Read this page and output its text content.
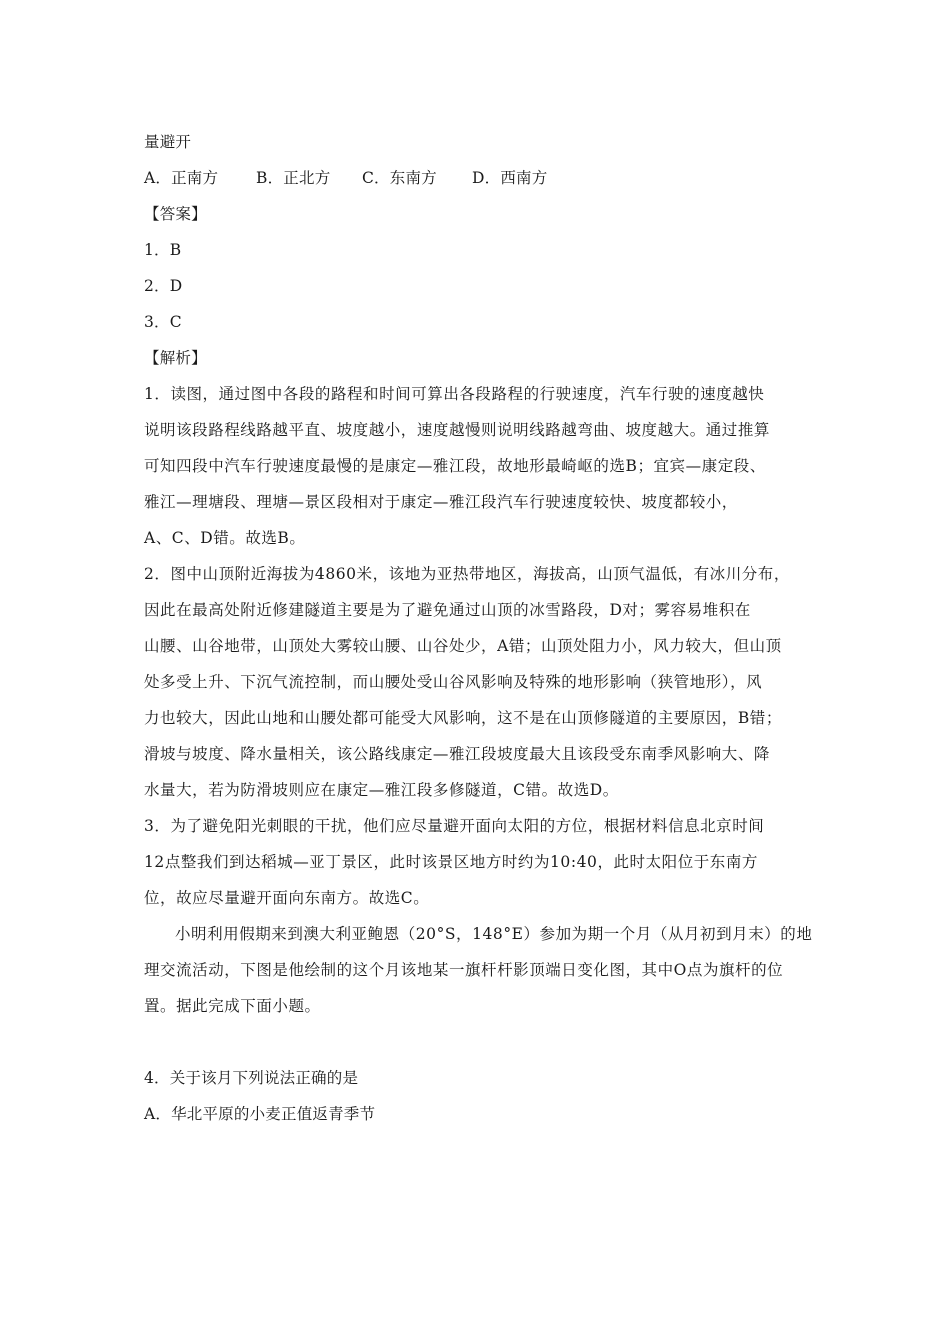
量避开
A．正南方 B．正北方 C．东南方 D．西南方
【答案】
1．B
2．D
3．C
【解析】
1．读图，通过图中各段的路程和时间可算出各段路程的行驶速度，汽车行驶的速度越快
说明该段路程线路越平直、坡度越小，速度越慢则说明线路越弯曲、坡度越大。通过推算
可知四段中汽车行驶速度最慢的是康定—雅江段，故地形最崎岖的选B；宜宾—康定段、
雅江—理塘段、理塘—景区段相对于康定—雅江段汽车行驶速度较快、坡度都较小，
A、C、D错。故选B。
2．图中山顶附近海拔为4860米，该地为亚热带地区，海拔高，山顶气温低，有冰川分布，
因此在最高处附近修建隧道主要是为了避免通过山顶的冰雪路段，D对；雾容易堆积在
山腰、山谷地带，山顶处大雾较山腰、山谷处少，A错；山顶处阻力小，风力较大，但山顶
处多受上升、下沉气流控制，而山腰处受山谷风影响及特殊的地形影响（狭管地形），风
力也较大，因此山地和山腰处都可能受大风影响，这不是在山顶修隧道的主要原因，B错；
滑坡与坡度、降水量相关，该公路线康定—雅江段坡度最大且该段受东南季风影响大、降
水量大，若为防滑坡则应在康定—雅江段多修隧道，C错。故选D。
3．为了避免阳光刺眼的干扰，他们应尽量避开面向太阳的方位，根据材料信息北京时间
12点整我们到达稻城—亚丁景区，此时该景区地方时约为10:40，此时太阳位于东南方
位，故应尽量避开面向东南方。故选C。
小明利用假期来到澳大利亚鲍恩（20°S，148°E）参加为期一个月（从月初到月末）的地
理交流活动，下图是他绘制的这个月该地某一旗杆杆影顶端日变化图，其中O点为旗杆的位
置。据此完成下面小题。
4．关于该月下列说法正确的是
A．华北平原的小麦正值返青季节
